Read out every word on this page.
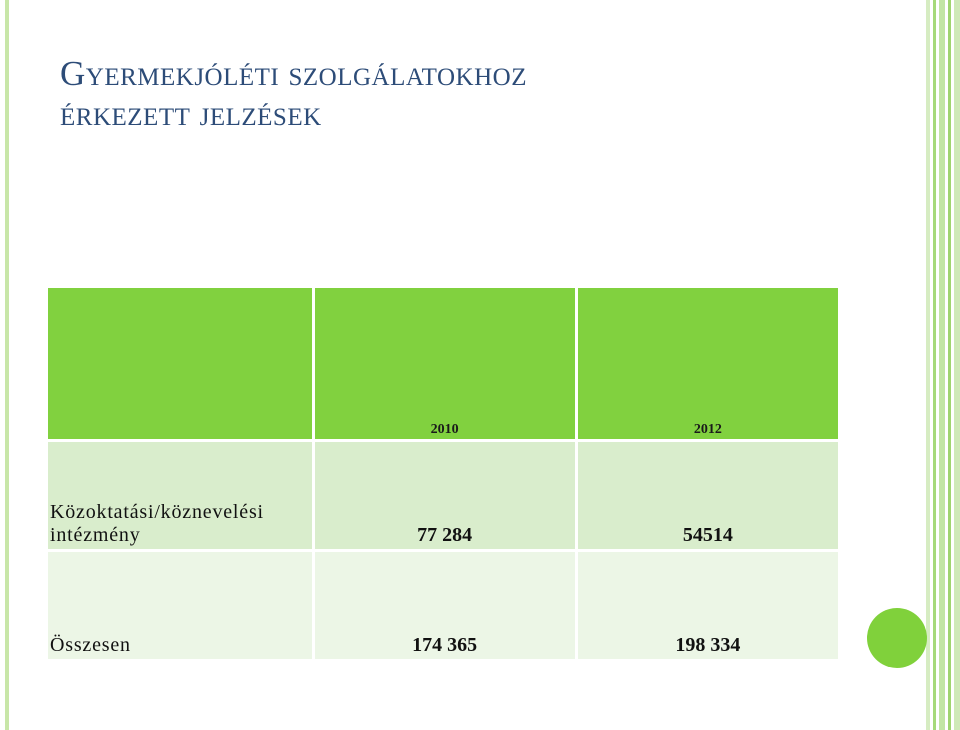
Gyermekjóléti szolgálatokhoz
érkezett jelzések
	2010	2012
Közoktatási/köznevelési intézmény	77 284	54514
Összesen	174 365	198 334
